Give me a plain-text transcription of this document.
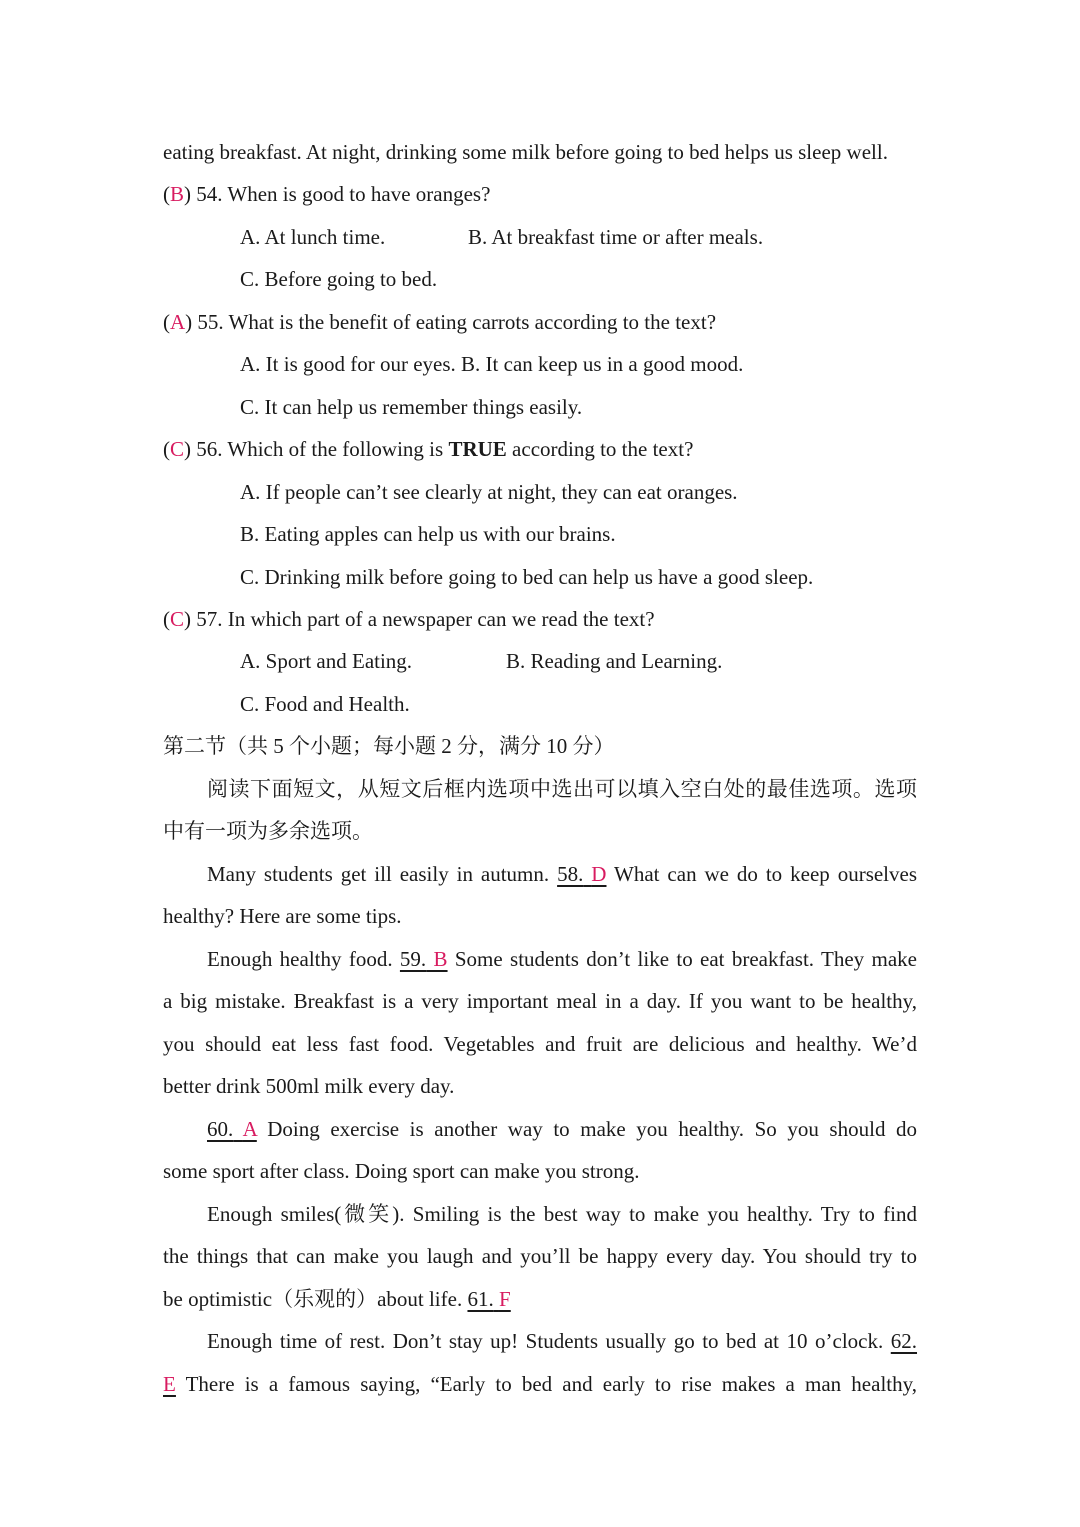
eating breakfast. At night, drinking some milk before going to bed helps us sleep well.
(B) 54. When is good to have oranges?
A. At lunch time.	B. At breakfast time or after meals.
C. Before going to bed.
(A) 55. What is the benefit of eating carrots according to the text?
A. It is good for our eyes. B. It can keep us in a good mood.
C. It can help us remember things easily.
(C) 56. Which of the following is TRUE according to the text?
A. If people can’t see clearly at night, they can eat oranges.
B. Eating apples can help us with our brains.
C. Drinking milk before going to bed can help us have a good sleep.
(C) 57. In which part of a newspaper can we read the text?
A. Sport and Eating.	B. Reading and Learning.
C. Food and Health.
第二节（共 5 个小题；每小题 2 分，满分 10 分）
阅读下面短文，从短文后框内选项中选出可以填入空白处的最佳选项。选项
中有一项为多余选项。
Many students get ill easily in autumn. 58. D What can we do to keep ourselves
healthy? Here are some tips.
Enough healthy food. 59. B Some students don’t like to eat breakfast. They make
a big mistake. Breakfast is a very important meal in a day. If you want to be healthy,
you should eat less fast food. Vegetables and fruit are delicious and healthy. We’d
better drink 500ml milk every day.
60. A Doing exercise is another way to make you healthy. So you should do
some sport after class. Doing sport can make you strong.
Enough smiles(微笑). Smiling is the best way to make you healthy. Try to find
the things that can make you laugh and you’ll be happy every day. You should try to
be optimistic（乐观的）about life. 61. F
Enough time of rest. Don’t stay up! Students usually go to bed at 10 o’clock. 62.
E There is a famous saying, “Early to bed and early to rise makes a man healthy,
